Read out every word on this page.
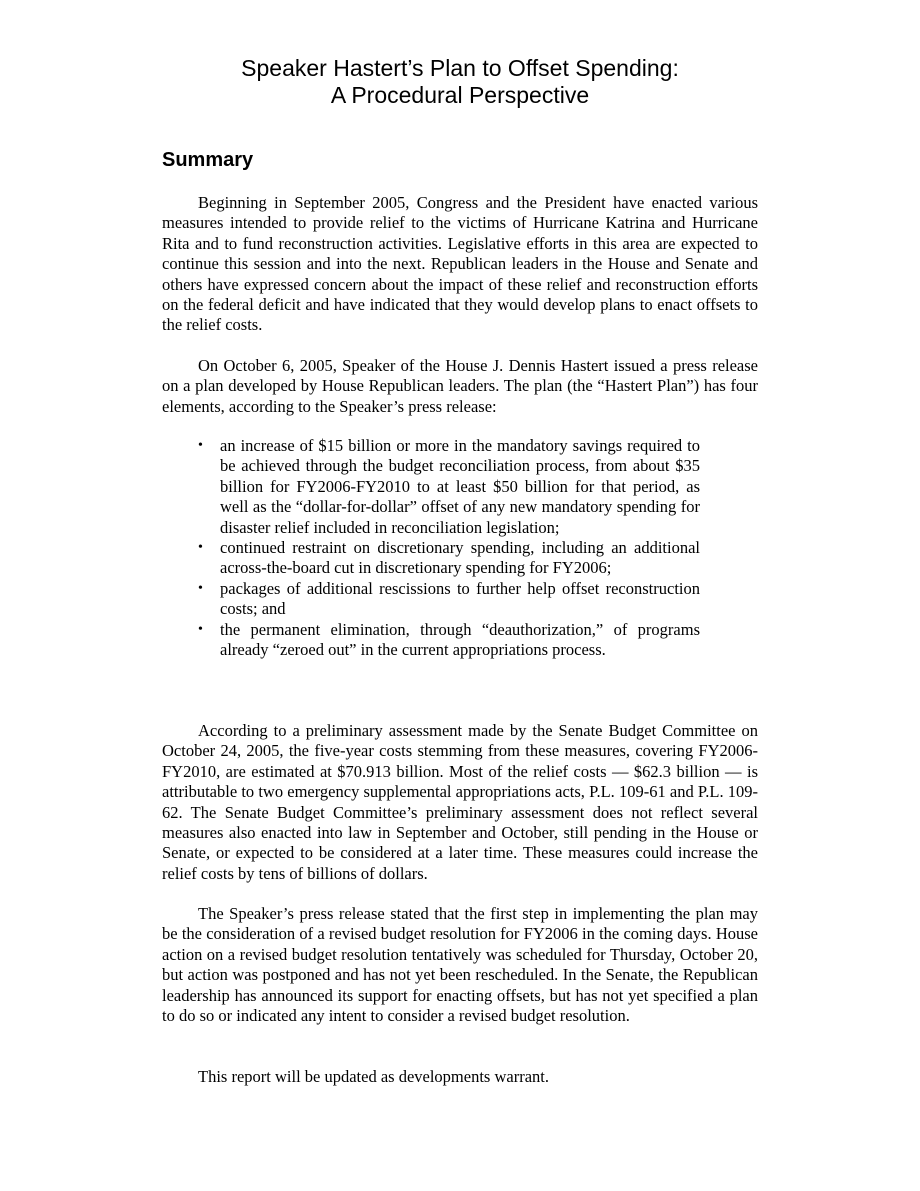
Speaker Hastert’s Plan to Offset Spending:
A Procedural Perspective
Summary

Beginning in September 2005, Congress and the President have enacted various measures intended to provide relief to the victims of Hurricane Katrina and Hurricane Rita and to fund reconstruction activities. Legislative efforts in this area are expected to continue this session and into the next. Republican leaders in the House and Senate and others have expressed concern about the impact of these relief and reconstruction efforts on the federal deficit and have indicated that they would develop plans to enact offsets to the relief costs.

On October 6, 2005, Speaker of the House J. Dennis Hastert issued a press release on a plan developed by House Republican leaders. The plan (the “Hastert Plan”) has four elements, according to the Speaker’s press release:

• an increase of $15 billion or more in the mandatory savings required to be achieved through the budget reconciliation process, from about $35 billion for FY2006-FY2010 to at least $50 billion for that period, as well as the “dollar-for-dollar” offset of any new mandatory spending for disaster relief included in reconciliation legislation;
• continued restraint on discretionary spending, including an additional across-the-board cut in discretionary spending for FY2006;
• packages of additional rescissions to further help offset reconstruction costs; and
• the permanent elimination, through “deauthorization,” of programs already “zeroed out” in the current appropriations process.

According to a preliminary assessment made by the Senate Budget Committee on October 24, 2005, the five-year costs stemming from these measures, covering FY2006-FY2010, are estimated at $70.913 billion. Most of the relief costs — $62.3 billion — is attributable to two emergency supplemental appropriations acts, P.L. 109-61 and P.L. 109-62. The Senate Budget Committee’s preliminary assessment does not reflect several measures also enacted into law in September and October, still pending in the House or Senate, or expected to be considered at a later time. These measures could increase the relief costs by tens of billions of dollars.

The Speaker’s press release stated that the first step in implementing the plan may be the consideration of a revised budget resolution for FY2006 in the coming days. House action on a revised budget resolution tentatively was scheduled for Thursday, October 20, but action was postponed and has not yet been rescheduled. In the Senate, the Republican leadership has announced its support for enacting offsets, but has not yet specified a plan to do so or indicated any intent to consider a revised budget resolution.

This report will be updated as developments warrant.
